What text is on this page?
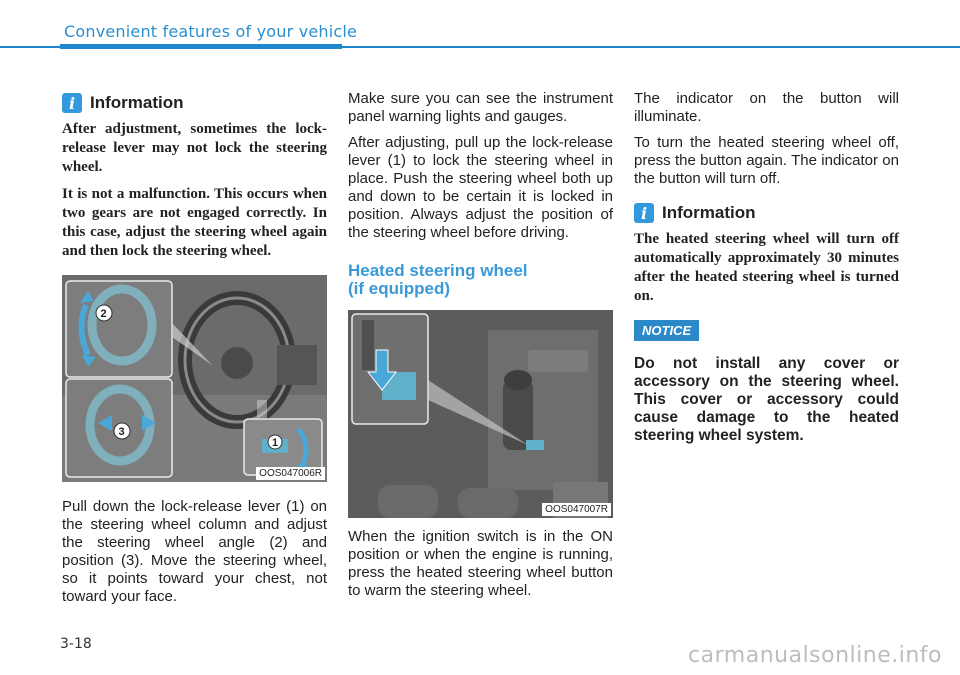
Convenient features of your vehicle
i Information

After adjustment, sometimes the lock-release lever may not lock the steering wheel.

It is not a malfunction. This occurs when two gears are not engaged correctly. In this case, adjust the steering wheel again and then lock the steering wheel.

2
3
1
OOS047006R

Pull down the lock-release lever (1) on the steering wheel column and adjust the steering wheel angle (2) and position (3). Move the steering wheel, so it points toward your chest, not toward your face.

Make sure you can see the instrument panel warning lights and gauges.

After adjusting, pull up the lock-release lever (1) to lock the steering wheel in place. Push the steering wheel both up and down to be certain it is locked in position. Always adjust the position of the steering wheel before driving.

Heated steering wheel
(if equipped)
OOS047007R

When the ignition switch is in the ON position or when the engine is running, press the heated steering wheel button to warm the steering wheel.

The indicator on the button will illuminate.

To turn the heated steering wheel off, press the button again. The indicator on the button will turn off.

i Information

The heated steering wheel will turn off automatically approximately 30 minutes after the heated steering wheel is turned on.

NOTICE
Do not install any cover or accessory on the steering wheel. This cover or accessory could cause damage to the heated steering wheel system.
3-18	carmanualsonline.info
